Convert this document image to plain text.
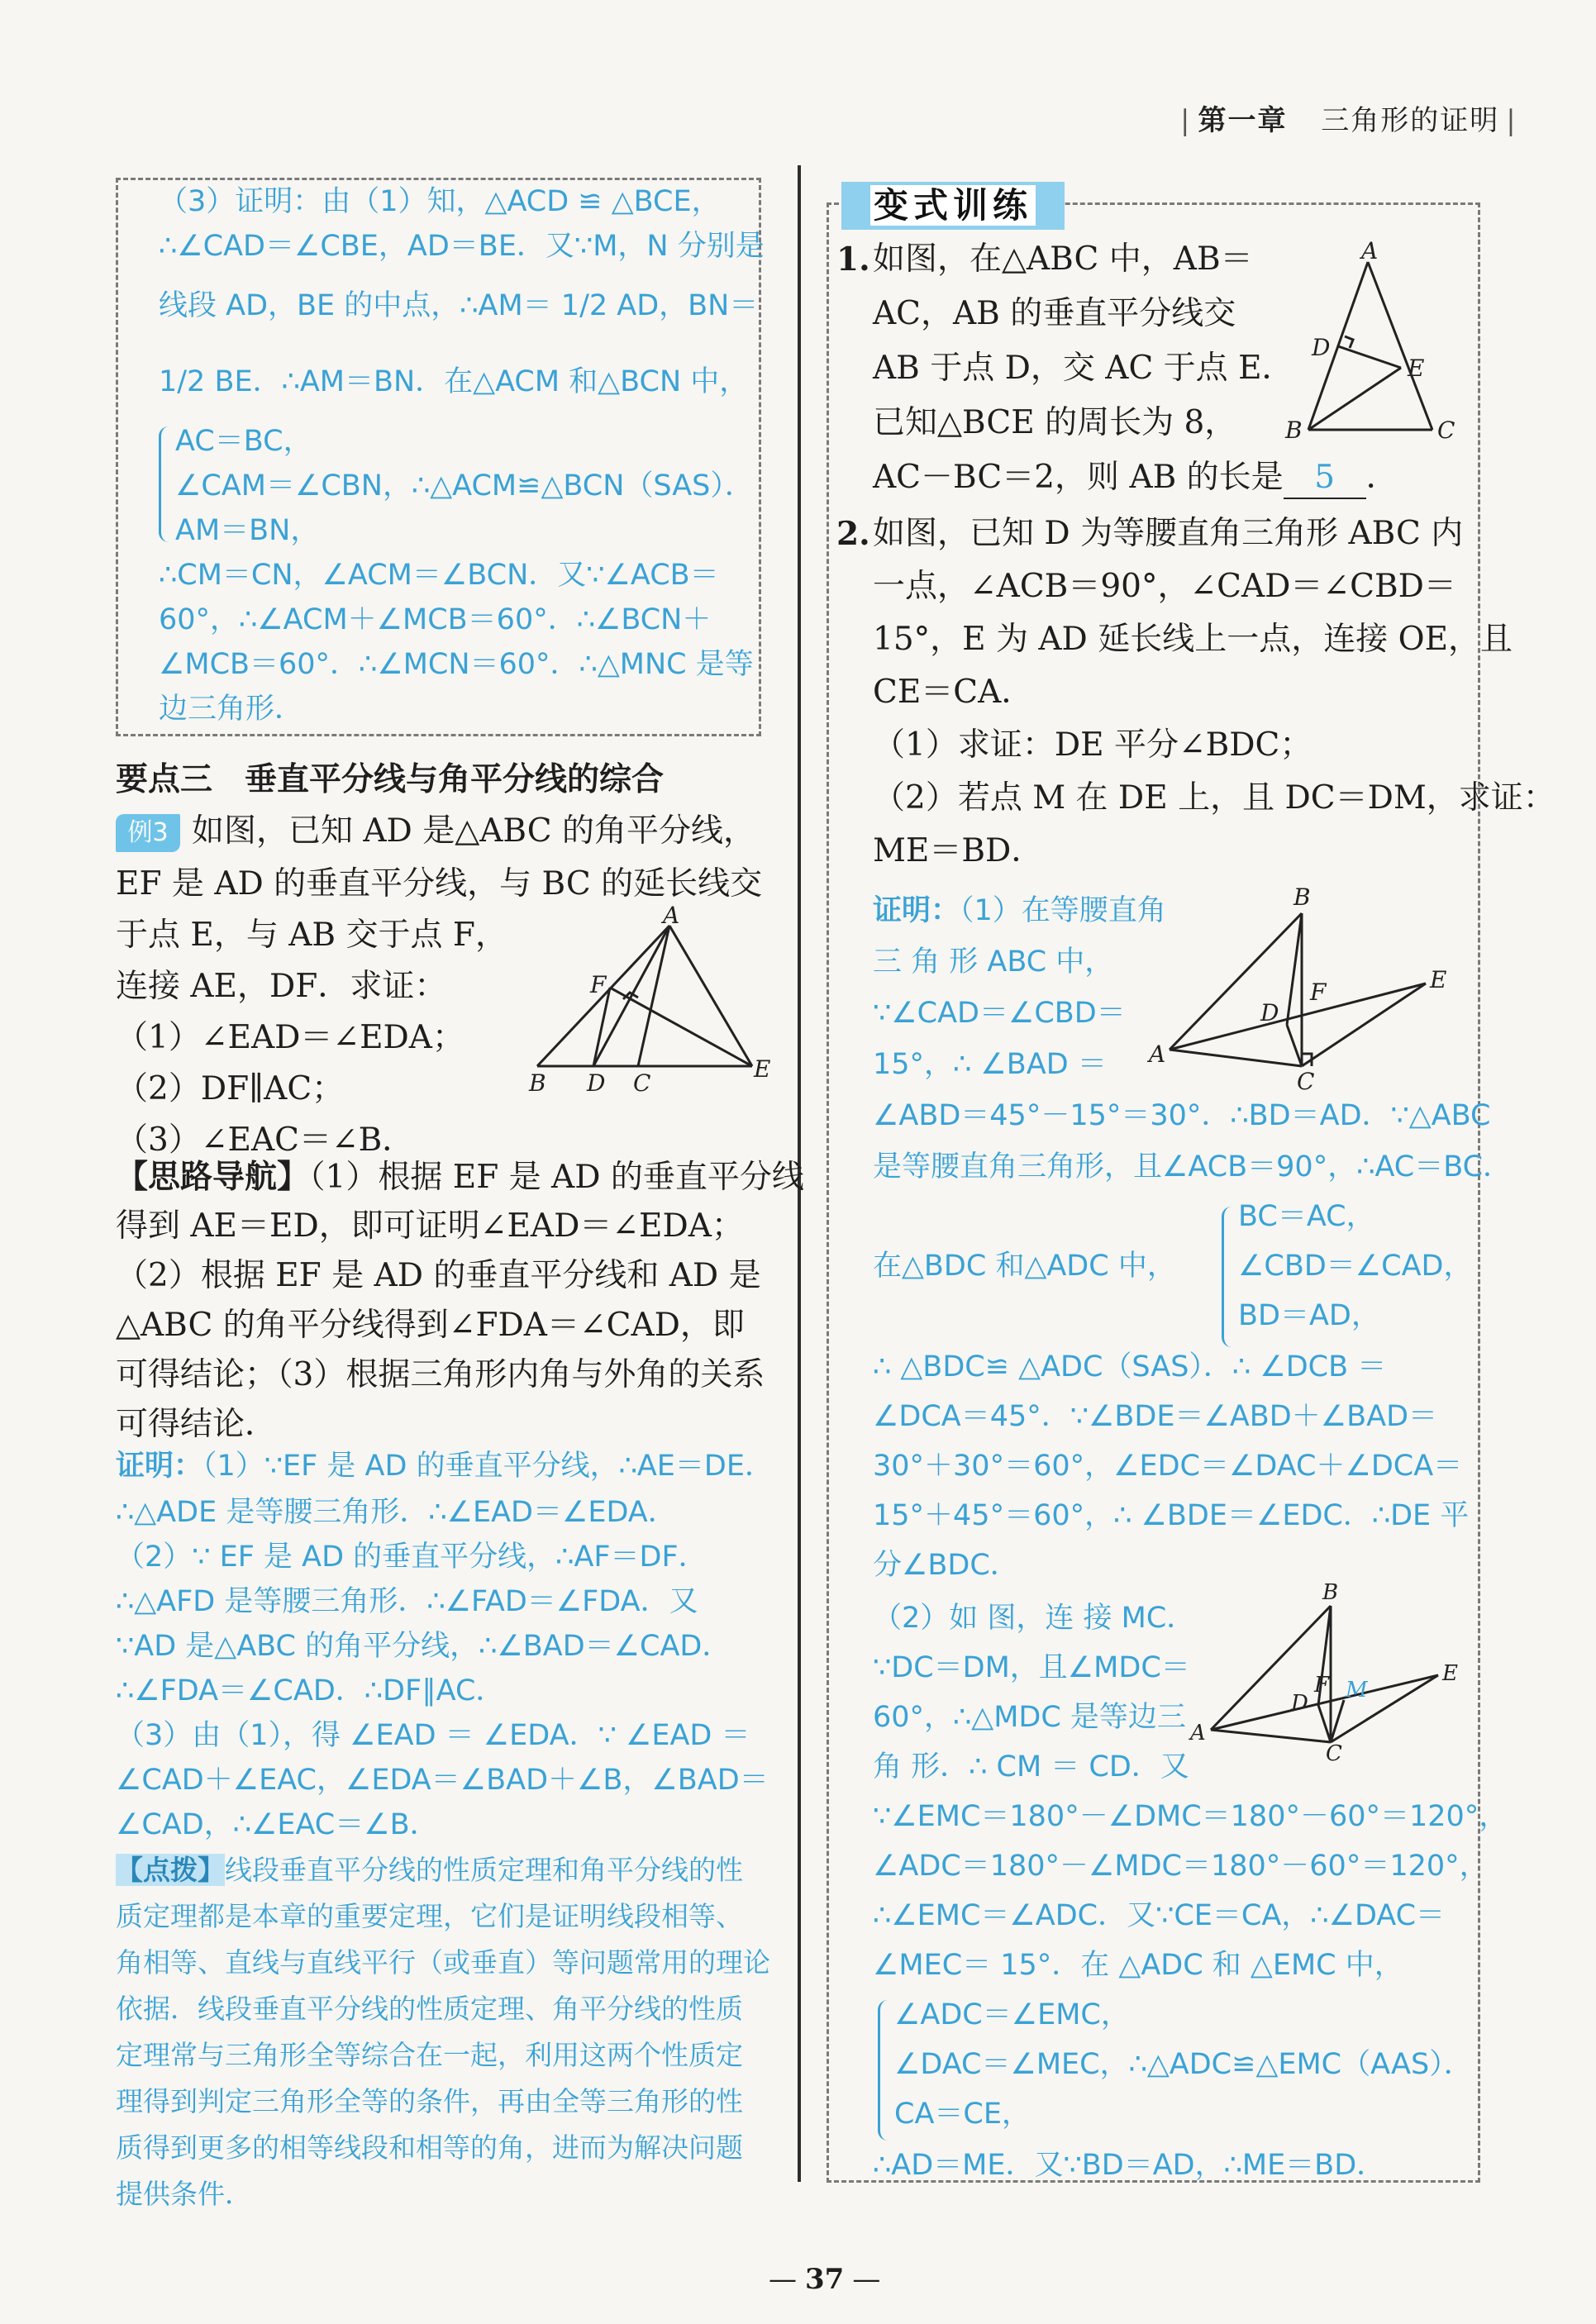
| 第一章 三角形的证明 |
（3）证明：由（1）知，△ACD ≌ △BCE，
∴∠CAD＝∠CBE，AD＝BE．又∵M，N 分别是
线段 AD，BE 的中点，∴AM＝ 1/2 AD，BN＝
1/2 BE．∴AM＝BN．在△ACM 和△BCN 中，
AC＝BC，
∠CAM＝∠CBN，∴△ACM≌△BCN（SAS）．
AM＝BN，
∴CM＝CN，∠ACM＝∠BCN．又∵∠ACB＝
60°，∴∠ACM＋∠MCB＝60°．∴∠BCN＋
∠MCB＝60°．∴∠MCN＝60°．∴△MNC 是等
边三角形．
要点三　垂直平分线与角平分线的综合
例3 如图，已知 AD 是△ABC 的角平分线，
EF 是 AD 的垂直平分线，与 BC 的延长线交
于点 E，与 AB 交于点 F，
连接 AE，DF．求证：
（1）∠EAD＝∠EDA；
（2）DF∥AC；
（3）∠EAC＝∠B．
A
F
B D C
E
【思路导航】（1）根据 EF 是 AD 的垂直平分线
得到 AE＝ED，即可证明∠EAD＝∠EDA；
（2）根据 EF 是 AD 的垂直平分线和 AD 是
△ABC 的角平分线得到∠FDA＝∠CAD，即
可得结论；（3）根据三角形内角与外角的关系
可得结论．
证明：（1）∵EF 是 AD 的垂直平分线，∴AE＝DE．
∴△ADE 是等腰三角形．∴∠EAD＝∠EDA．
（2）∵ EF 是 AD 的垂直平分线，∴AF＝DF．
∴△AFD 是等腰三角形．∴∠FAD＝∠FDA．又
∵AD 是△ABC 的角平分线，∴∠BAD＝∠CAD．
∴∠FDA＝∠CAD．∴DF∥AC．
（3）由（1），得 ∠EAD ＝ ∠EDA．∵ ∠EAD ＝
∠CAD＋∠EAC，∠EDA＝∠BAD＋∠B，∠BAD＝
∠CAD，∴∠EAC＝∠B．
【点拨】线段垂直平分线的性质定理和角平分线的性
质定理都是本章的重要定理，它们是证明线段相等、
角相等、直线与直线平行（或垂直）等问题常用的理论
依据．线段垂直平分线的性质定理、角平分线的性质
定理常与三角形全等综合在一起，利用这两个性质定
理得到判定三角形全等的条件，再由全等三角形的性
质得到更多的相等线段和相等的角，进而为解决问题
提供条件．
变式训练
1. 如图，在△ABC 中，AB＝
AC，AB 的垂直平分线交
AB 于点 D，交 AC 于点 E．
已知△BCE 的周长为 8，
AC－BC＝2，则 AB 的长是 5 ．
A
D
E
B	C
2. 如图，已知 D 为等腰直角三角形 ABC 内
一点，∠ACB＝90°，∠CAD＝∠CBD＝
15°，E 为 AD 延长线上一点，连接 OE，且
CE＝CA．
（1）求证：DE 平分∠BDC；
（2）若点 M 在 DE 上，且 DC＝DM，求证：
ME＝BD．
证明：（1）在等腰直角
三 角 形 ABC 中，
∵∠CAD＝∠CBD＝
15°，∴ ∠BAD ＝
B
F
D
E
A
C
∠ABD＝45°－15°＝30°．∴BD＝AD．∵△ABC
是等腰直角三角形，且∠ACB＝90°，∴AC＝BC．
在△BDC 和△ADC 中，
BC＝AC，
∠CBD＝∠CAD，
BD＝AD，
∴ △BDC≌ △ADC（SAS）．∴ ∠DCB ＝
∠DCA＝45°．∵∠BDE＝∠ABD＋∠BAD＝
30°＋30°＝60°，∠EDC＝∠DAC＋∠DCA＝
15°＋45°＝60°，∴ ∠BDE＝∠EDC．∴DE 平
分∠BDC．
（2）如 图，连 接 MC．
∵DC＝DM，且∠MDC＝
60°，∴△MDC 是等边三
角 形．∴ CM ＝ CD．又
B
F
D
M
E
A
C
∵∠EMC＝180°－∠DMC＝180°－60°＝120°，
∠ADC＝180°－∠MDC＝180°－60°＝120°，
∴∠EMC＝∠ADC．又∵CE＝CA，∴∠DAC＝
∠MEC＝ 15°．在 △ADC 和 △EMC 中，
∠ADC＝∠EMC，
∠DAC＝∠MEC，∴△ADC≌△EMC（AAS）．
CA＝CE，
∴AD＝ME．又∵BD＝AD，∴ME＝BD．
— 37 —
